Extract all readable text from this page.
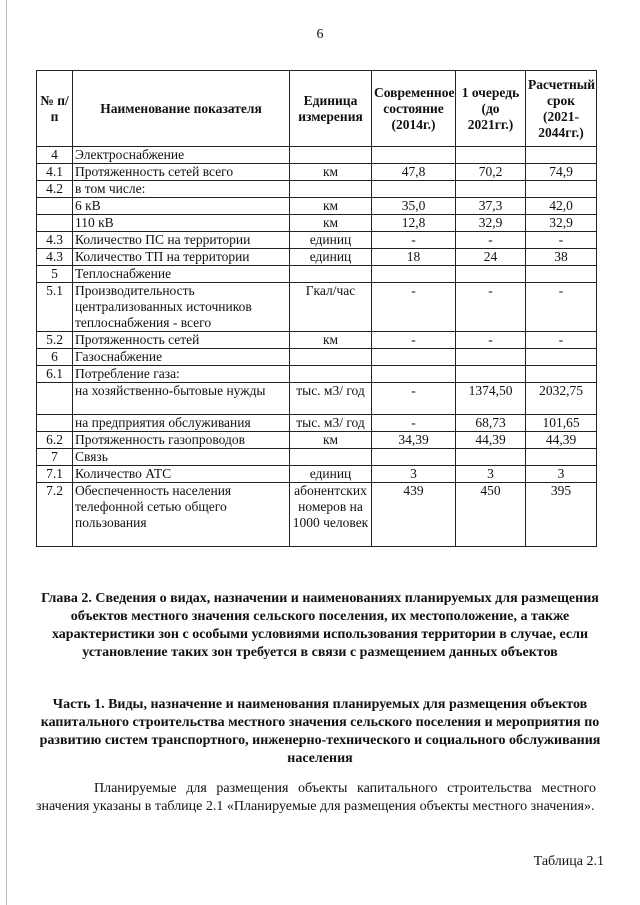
6
№ п/п	Наименование показателя	Единица измерения	Современное состояние (2014г.)	1 очередь (до 2021гг.)	Расчетный срок (2021-2044гг.)
4	Электроснабжение				
4.1	Протяженность сетей всего	км	47,8	70,2	74,9
4.2	в том числе:				
	6 кВ	км	35,0	37,3	42,0
	110 кВ	км	12,8	32,9	32,9
4.3	Количество ПС на территории	единиц	-	-	-
4.3	Количество ТП на территории	единиц	18	24	38
5	Теплоснабжение				
5.1	Производительность централизованных источников теплоснабжения - всего	Гкал/час	-	-	-
5.2	Протяженность сетей	км	-	-	-
6	Газоснабжение				
6.1	Потребление газа:				
	на хозяйственно-бытовые нужды	тыс. м3/ год	-	1374,50	2032,75
	на предприятия обслуживания	тыс. м3/ год	-	68,73	101,65
6.2	Протяженность газопроводов	км	34,39	44,39	44,39
7	Связь				
7.1	Количество АТС	единиц	3	3	3
7.2	Обеспеченность населения телефонной сетью общего пользования	абонентских номеров на 1000 человек	439	450	395
Глава 2. Сведения о видах, назначении и наименованиях планируемых для размещения объектов местного значения сельского поселения, их местоположение, а также характеристики зон с особыми условиями использования территории в случае, если установление таких зон требуется в связи с размещением данных объектов
Часть 1. Виды, назначение и наименования планируемых для размещения объектов капитального строительства местного значения сельского поселения и мероприятия по развитию систем транспортного, инженерно-технического и социального обслуживания населения
Планируемые для размещения объекты капитального строительства местного значения указаны в таблице 2.1 «Планируемые для размещения объекты местного значения».
Таблица 2.1
